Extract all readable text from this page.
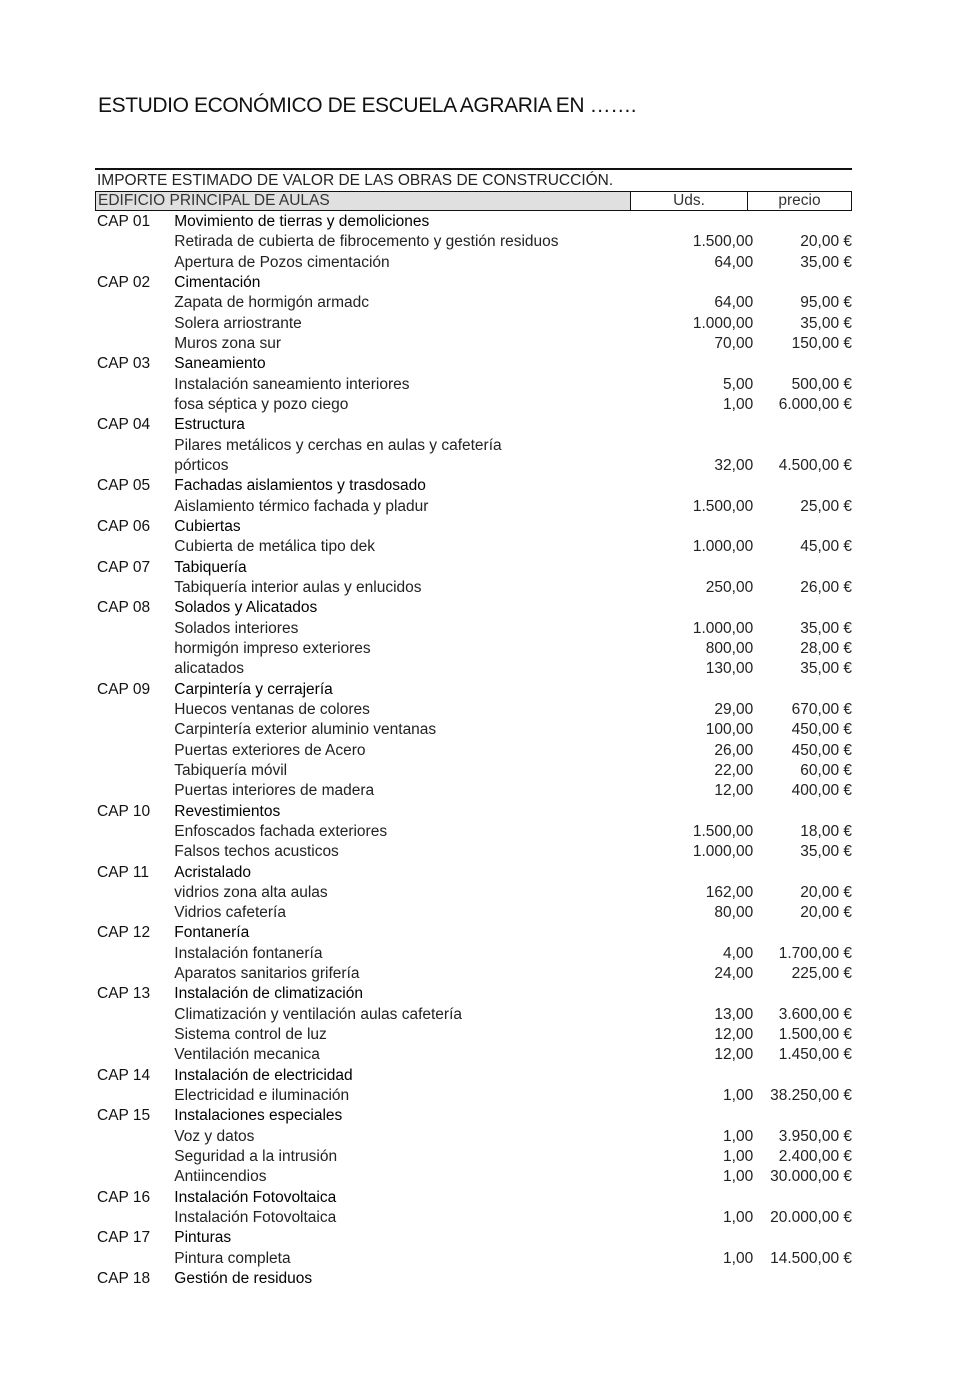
ESTUDIO ECONÓMICO DE ESCUELA AGRARIA EN …….
IMPORTE ESTIMADO DE VALOR DE LAS OBRAS DE CONSTRUCCIÓN.
EDIFICIO PRINCIPAL DE AULAS	Uds.	precio
CAP 01	Movimiento de tierras y demoliciones
Retirada de cubierta de fibrocemento y gestión residuos	1.500,00	20,00 €
Apertura de Pozos cimentación	64,00	35,00 €
CAP 02	Cimentación
Zapata de hormigón armadc	64,00	95,00 €
Solera arriostrante	1.000,00	35,00 €
Muros zona sur	70,00	150,00 €
CAP 03	Saneamiento
Instalación saneamiento interiores	5,00	500,00 €
fosa séptica y pozo ciego	1,00	6.000,00 €
CAP 04	Estructura
Pilares metálicos y cerchas en aulas y cafetería
pórticos	32,00	4.500,00 €
CAP 05	Fachadas aislamientos y trasdosado
Aislamiento térmico fachada y pladur	1.500,00	25,00 €
CAP 06	Cubiertas
Cubierta de metálica tipo dek	1.000,00	45,00 €
CAP 07	Tabiquería
Tabiquería interior aulas y enlucidos	250,00	26,00 €
CAP 08	Solados y Alicatados
Solados interiores	1.000,00	35,00 €
hormigón impreso exteriores	800,00	28,00 €
alicatados	130,00	35,00 €
CAP 09	Carpintería y cerrajería
Huecos ventanas de colores	29,00	670,00 €
Carpintería exterior aluminio ventanas	100,00	450,00 €
Puertas exteriores de Acero	26,00	450,00 €
Tabiquería móvil	22,00	60,00 €
Puertas interiores de madera	12,00	400,00 €
CAP 10	Revestimientos
Enfoscados fachada exteriores	1.500,00	18,00 €
Falsos techos acusticos	1.000,00	35,00 €
CAP 11	Acristalado
vidrios zona alta aulas	162,00	20,00 €
Vidrios cafetería	80,00	20,00 €
CAP 12	Fontanería
Instalación fontanería	4,00	1.700,00 €
Aparatos sanitarios grifería	24,00	225,00 €
CAP 13	Instalación de climatización
Climatización y ventilación aulas cafetería	13,00	3.600,00 €
Sistema control de luz	12,00	1.500,00 €
Ventilación mecanica	12,00	1.450,00 €
CAP 14	Instalación de electricidad
Electricidad e iluminación	1,00	38.250,00 €
CAP 15	Instalaciones especiales
Voz y datos	1,00	3.950,00 €
Seguridad a la intrusión	1,00	2.400,00 €
Antiincendios	1,00	30.000,00 €
CAP 16	Instalación Fotovoltaica
Instalación Fotovoltaica	1,00	20.000,00 €
CAP 17	Pinturas
Pintura completa	1,00	14.500,00 €
CAP 18	Gestión de residuos
